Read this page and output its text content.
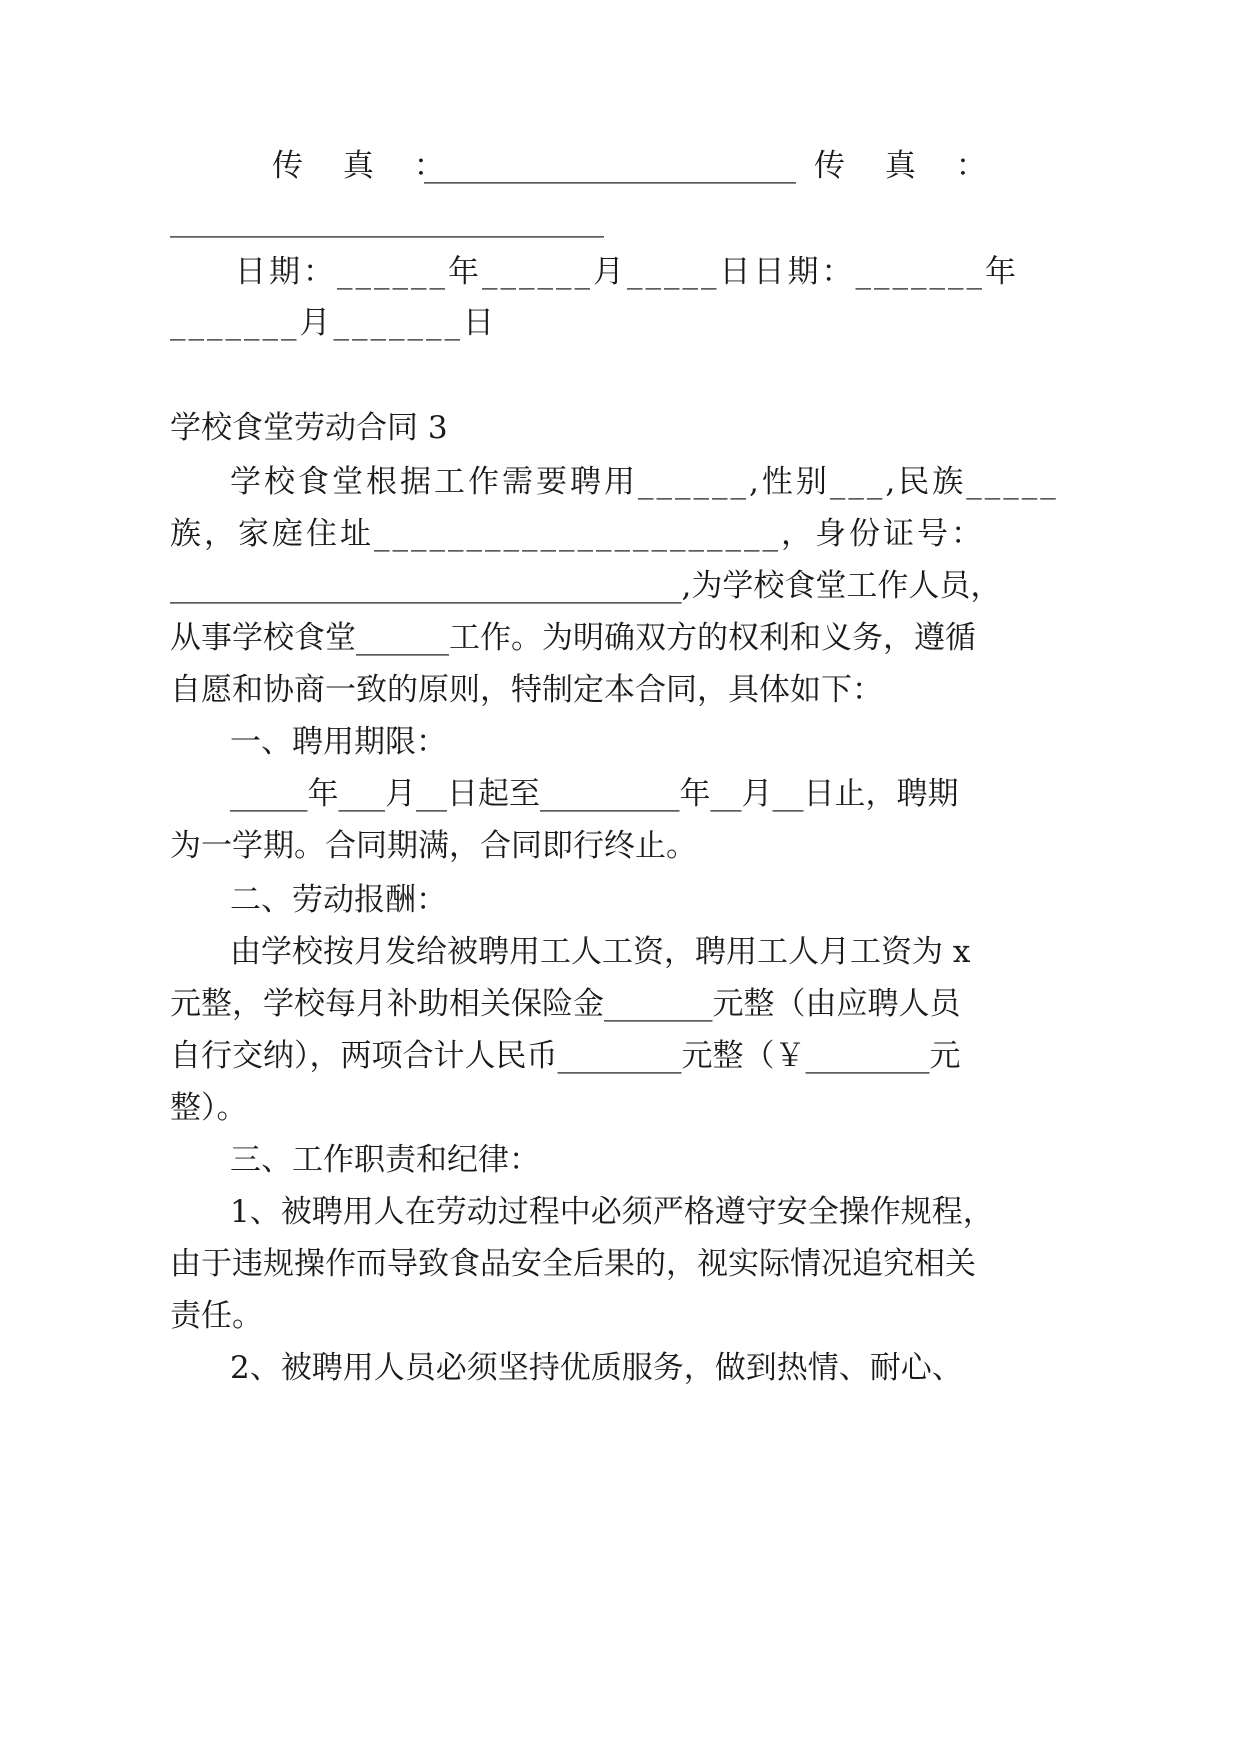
传 真 ：
________________________ 传 真 ：
____________________________
日期：______年______月_____日日期：_______年
_______月_______日
学校食堂劳动合同 3
学校食堂根据工作需要聘用______,性别___,民族_____
族，家庭住址______________________，身份证号：
_________________________________,为学校食堂工作人员，
从事学校食堂______工作。为明确双方的权利和义务，遵循
自愿和协商一致的原则，特制定本合同，具体如下：
一、聘用期限：
_____年___月__日起至_________年__月__日止，聘期
为一学期。合同期满，合同即行终止。
二、劳动报酬：
由学校按月发给被聘用工人工资，聘用工人月工资为 x
元整，学校每月补助相关保险金_______元整（由应聘人员
自行交纳），两项合计人民币________元整（￥________元
整）。
三、工作职责和纪律：
1、被聘用人在劳动过程中必须严格遵守安全操作规程，
由于违规操作而导致食品安全后果的，视实际情况追究相关
责任。
2、被聘用人员必须坚持优质服务，做到热情、耐心、
